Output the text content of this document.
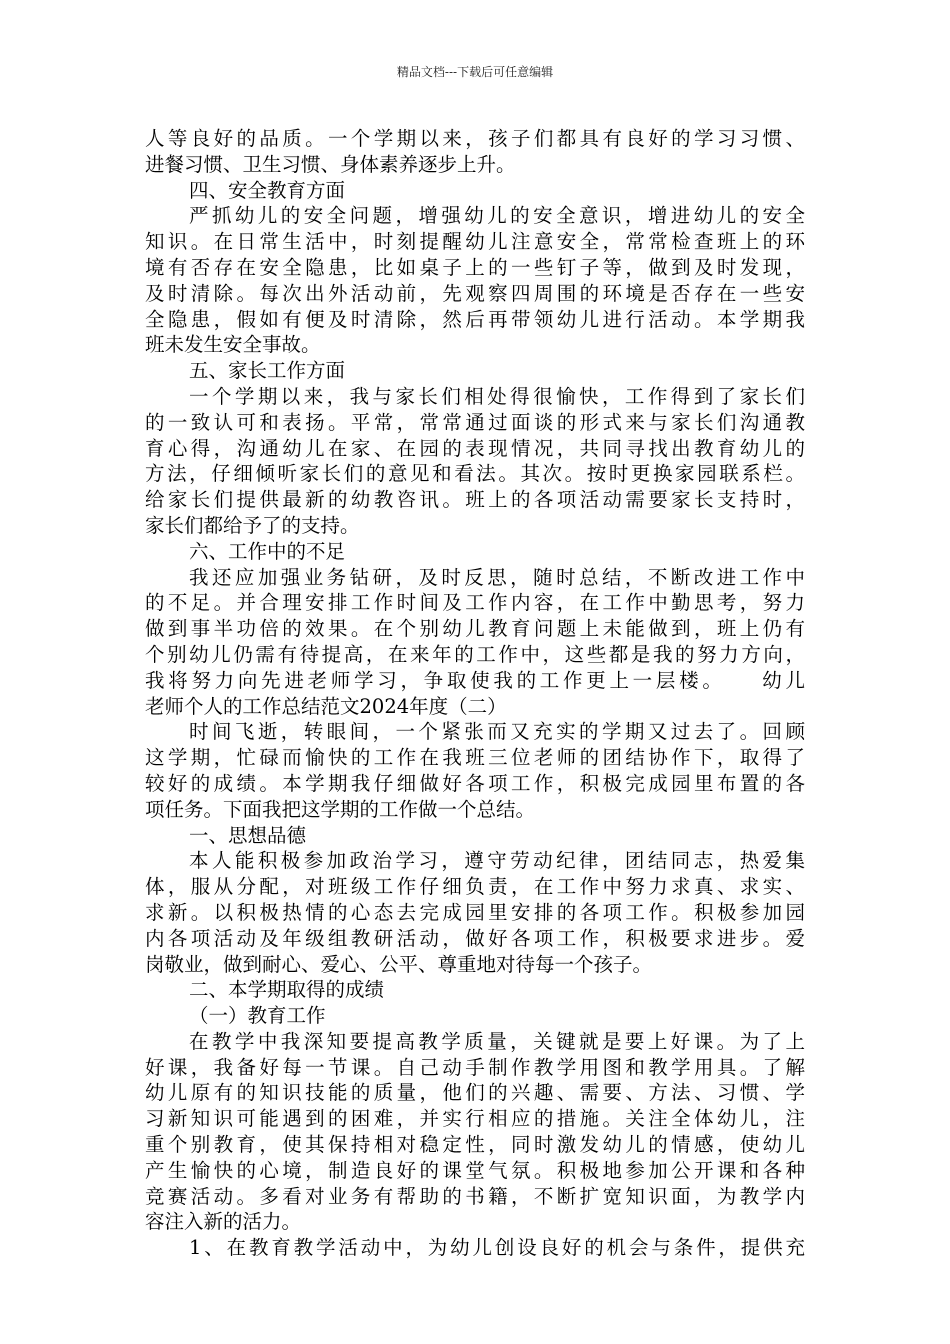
精品文档---下载后可任意编辑
人等良好的品质。一个学期以来，孩子们都具有良好的学习习惯、
进餐习惯、卫生习惯、身体素养逐步上升。
四、安全教育方面
严抓幼儿的安全问题，增强幼儿的安全意识，增进幼儿的安全
知识。在日常生活中，时刻提醒幼儿注意安全，常常检查班上的环
境有否存在安全隐患，比如桌子上的一些钉子等，做到及时发现，
及时清除。每次出外活动前，先观察四周围的环境是否存在一些安
全隐患，假如有便及时清除，然后再带领幼儿进行活动。本学期我
班未发生安全事故。
五、家长工作方面
一个学期以来，我与家长们相处得很愉快，工作得到了家长们
的一致认可和表扬。平常，常常通过面谈的形式来与家长们沟通教
育心得，沟通幼儿在家、在园的表现情况，共同寻找出教育幼儿的
方法，仔细倾听家长们的意见和看法。其次。按时更换家园联系栏。
给家长们提供最新的幼教咨讯。班上的各项活动需要家长支持时，
家长们都给予了的支持。
六、工作中的不足
我还应加强业务钻研，及时反思，随时总结，不断改进工作中
的不足。并合理安排工作时间及工作内容，在工作中勤思考，努力
做到事半功倍的效果。在个别幼儿教育问题上未能做到，班上仍有
个别幼儿仍需有待提高，在来年的工作中，这些都是我的努力方向，
我将努力向先进老师学习，争取使我的工作更上一层楼。　　幼儿
老师个人的工作总结范文2024年度（二）
时间飞逝，转眼间，一个紧张而又充实的学期又过去了。回顾
这学期，忙碌而愉快的工作在我班三位老师的团结协作下，取得了
较好的成绩。本学期我仔细做好各项工作，积极完成园里布置的各
项任务。下面我把这学期的工作做一个总结。
一、思想品德
本人能积极参加政治学习，遵守劳动纪律，团结同志，热爱集
体，服从分配，对班级工作仔细负责，在工作中努力求真、求实、
求新。以积极热情的心态去完成园里安排的各项工作。积极参加园
内各项活动及年级组教研活动，做好各项工作，积极要求进步。爱
岗敬业，做到耐心、爱心、公平、尊重地对待每一个孩子。
二、本学期取得的成绩
（一）教育工作
在教学中我深知要提高教学质量，关键就是要上好课。为了上
好课，我备好每一节课。自己动手制作教学用图和教学用具。了解
幼儿原有的知识技能的质量，他们的兴趣、需要、方法、习惯、学
习新知识可能遇到的困难，并实行相应的措施。关注全体幼儿，注
重个别教育，使其保持相对稳定性，同时激发幼儿的情感，使幼儿
产生愉快的心境，制造良好的课堂气氛。积极地参加公开课和各种
竞赛活动。多看对业务有帮助的书籍，不断扩宽知识面，为教学内
容注入新的活力。
1、在教育教学活动中，为幼儿创设良好的机会与条件，提供充
